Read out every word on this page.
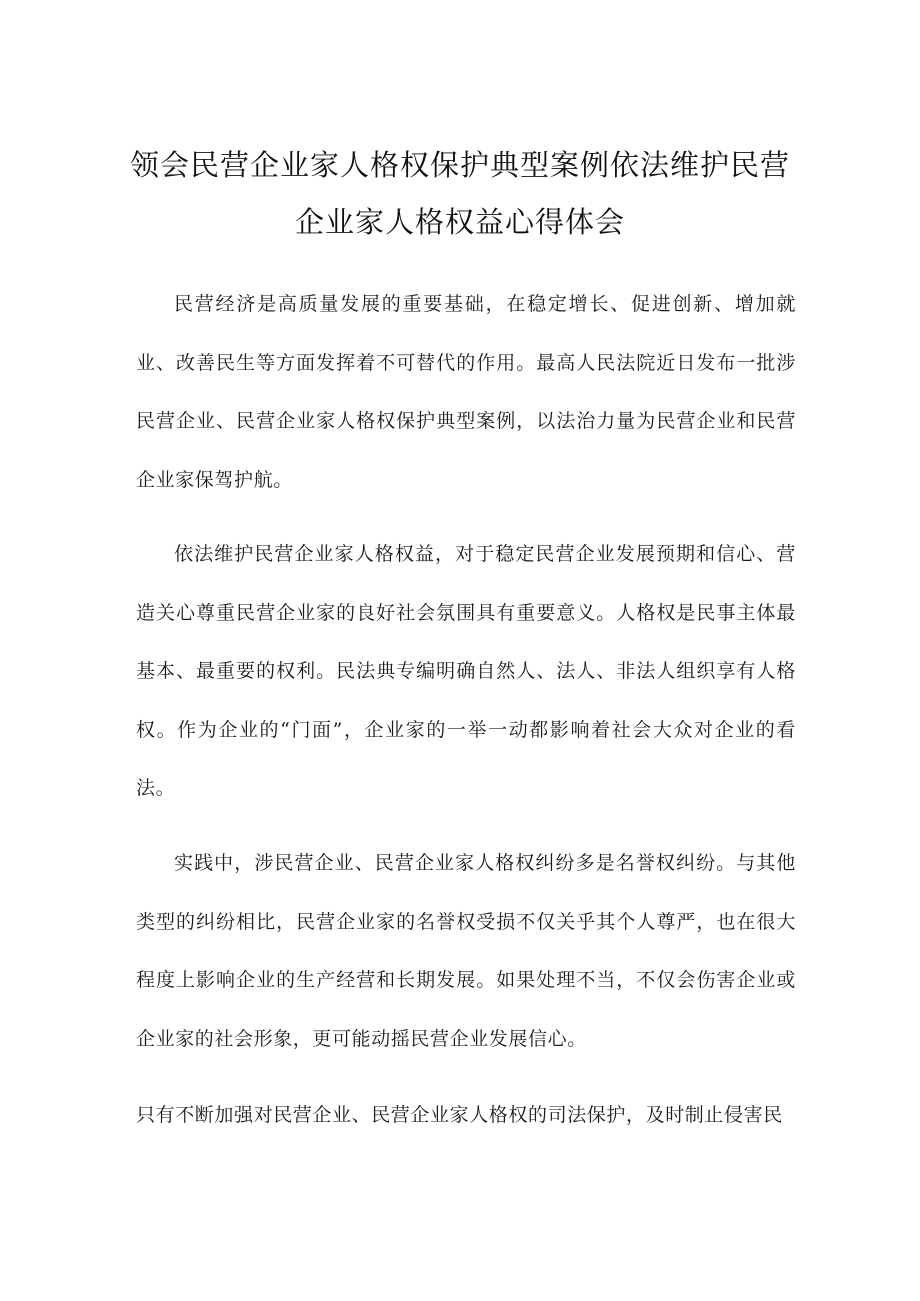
领会民营企业家人格权保护典型案例依法维护民营
企业家人格权益心得体会

民营经济是高质量发展的重要基础，在稳定增长、促进创新、增加就业、改善民生等方面发挥着不可替代的作用。最高人民法院近日发布一批涉民营企业、民营企业家人格权保护典型案例，以法治力量为民营企业和民营企业家保驾护航。

依法维护民营企业家人格权益，对于稳定民营企业发展预期和信心、营造关心尊重民营企业家的良好社会氛围具有重要意义。人格权是民事主体最基本、最重要的权利。民法典专编明确自然人、法人、非法人组织享有人格权。作为企业的“门面”，企业家的一举一动都影响着社会大众对企业的看法。

实践中，涉民营企业、民营企业家人格权纠纷多是名誉权纠纷。与其他类型的纠纷相比，民营企业家的名誉权受损不仅关乎其个人尊严，也在很大程度上影响企业的生产经营和长期发展。如果处理不当，不仅会伤害企业或企业家的社会形象，更可能动摇民营企业发展信心。

只有不断加强对民营企业、民营企业家人格权的司法保护，及时制止侵害民
